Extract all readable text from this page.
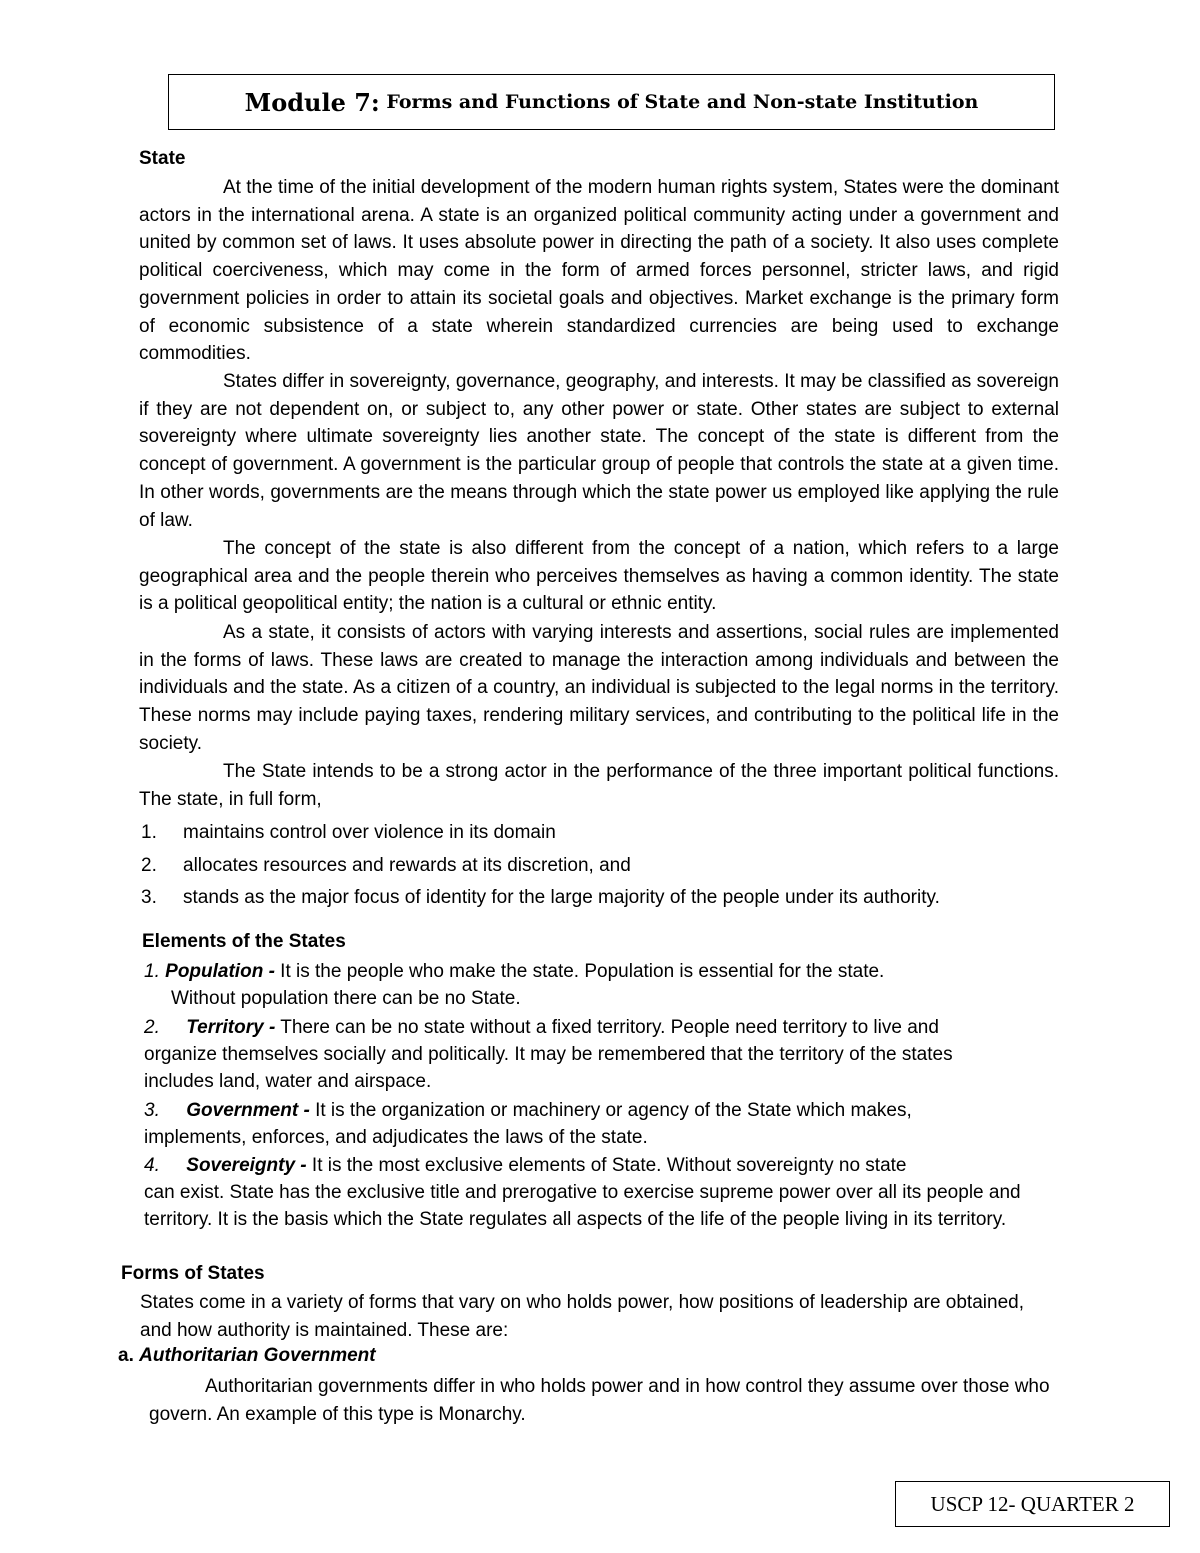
Module 7: Forms and Functions of State and Non-state Institution
State
At the time of the initial development of the modern human rights system, States were the dominant actors in the international arena. A state is an organized political community acting under a government and united by common set of laws. It uses absolute power in directing the path of a society. It also uses complete political coerciveness, which may come in the form of armed forces personnel, stricter laws, and rigid government policies in order to attain its societal goals and objectives. Market exchange is the primary form of economic subsistence of a state wherein standardized currencies are being used to exchange commodities.
States differ in sovereignty, governance, geography, and interests. It may be classified as sovereign if they are not dependent on, or subject to, any other power or state. Other states are subject to external sovereignty where ultimate sovereignty lies another state. The concept of the state is different from the concept of government. A government is the particular group of people that controls the state at a given time. In other words, governments are the means through which the state power us employed like applying the rule of law.
The concept of the state is also different from the concept of a nation, which refers to a large geographical area and the people therein who perceives themselves as having a common identity. The state is a political geopolitical entity; the nation is a cultural or ethnic entity.
As a state, it consists of actors with varying interests and assertions, social rules are implemented in the forms of laws. These laws are created to manage the interaction among individuals and between the individuals and the state. As a citizen of a country, an individual is subjected to the legal norms in the territory. These norms may include paying taxes, rendering military services, and contributing to the political life in the society.
The State intends to be a strong actor in the performance of the three important political functions. The state, in full form,
1. maintains control over violence in its domain
2. allocates resources and rewards at its discretion, and
3. stands as the major focus of identity for the large majority of the people under its authority.
Elements of the States
1. Population - It is the people who make the state. Population is essential for the state.
Without population there can be no State.
2. Territory - There can be no state without a fixed territory. People need territory to live and
organize themselves socially and politically. It may be remembered that the territory of the states includes land, water and airspace.
3. Government - It is the organization or machinery or agency of the State which makes,
implements, enforces, and adjudicates the laws of the state.
4. Sovereignty - It is the most exclusive elements of State. Without sovereignty no state
can exist. State has the exclusive title and prerogative to exercise supreme power over all its people and territory. It is the basis which the State regulates all aspects of the life of the people living in its territory.
Forms of States
States come in a variety of forms that vary on who holds power, how positions of leadership are obtained, and how authority is maintained. These are:
a. Authoritarian Government
Authoritarian governments differ in who holds power and in how control they assume over those who govern. An example of this type is Monarchy.
USCP 12- QUARTER 2
